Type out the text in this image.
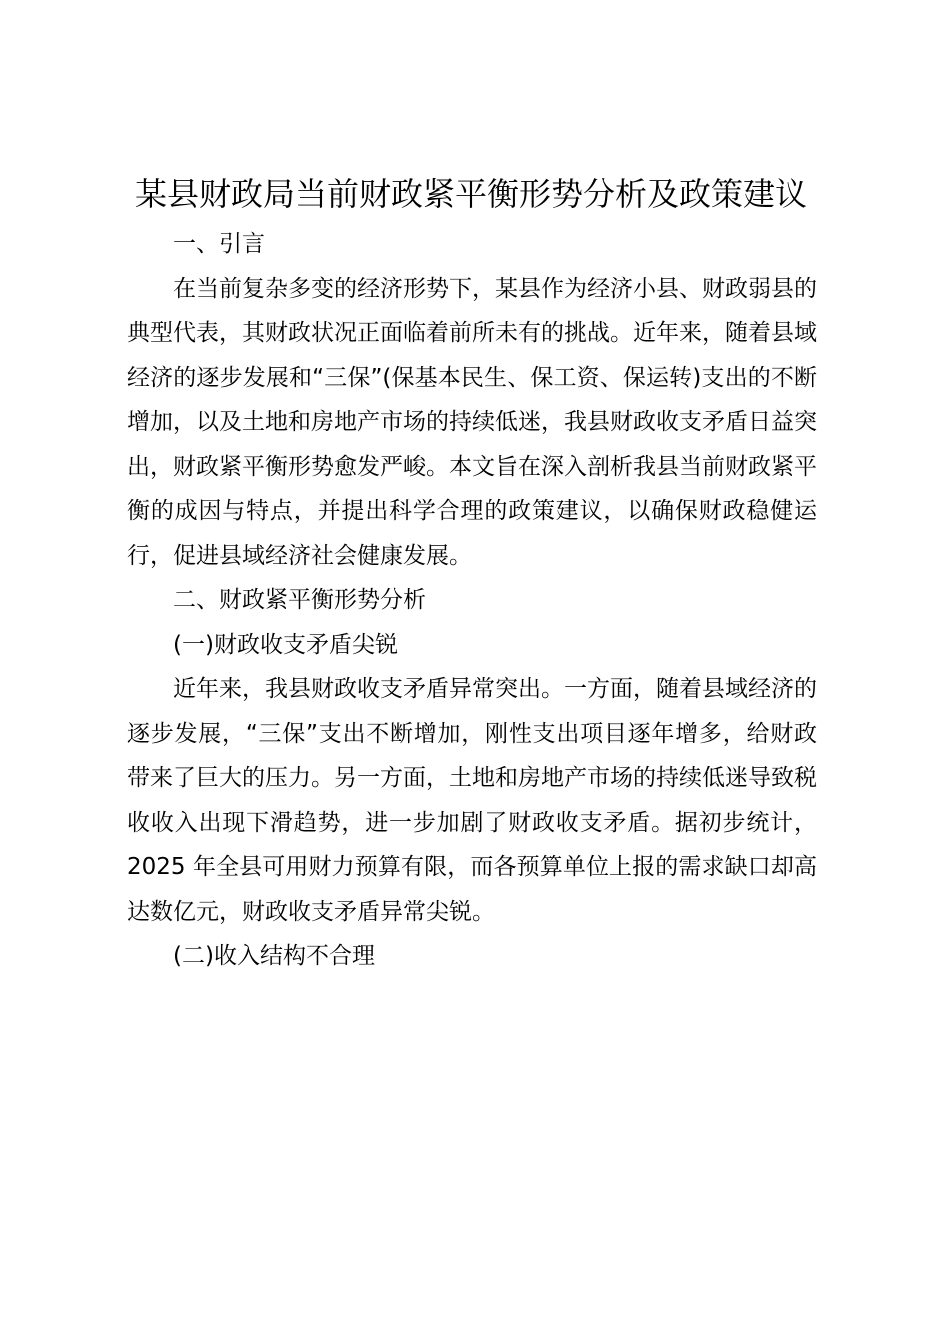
某县财政局当前财政紧平衡形势分析及政策建议

一、引言

在当前复杂多变的经济形势下，某县作为经济小县、财政弱县的典型代表，其财政状况正面临着前所未有的挑战。近年来，随着县域经济的逐步发展和“三保”(保基本民生、保工资、保运转)支出的不断增加，以及土地和房地产市场的持续低迷，我县财政收支矛盾日益突出，财政紧平衡形势愈发严峻。本文旨在深入剖析我县当前财政紧平衡的成因与特点，并提出科学合理的政策建议，以确保财政稳健运行，促进县域经济社会健康发展。

二、财政紧平衡形势分析

(一)财政收支矛盾尖锐

近年来，我县财政收支矛盾异常突出。一方面，随着县域经济的逐步发展，“三保”支出不断增加，刚性支出项目逐年增多，给财政带来了巨大的压力。另一方面，土地和房地产市场的持续低迷导致税收收入出现下滑趋势，进一步加剧了财政收支矛盾。据初步统计，2025 年全县可用财力预算有限，而各预算单位上报的需求缺口却高达数亿元，财政收支矛盾异常尖锐。

(二)收入结构不合理
